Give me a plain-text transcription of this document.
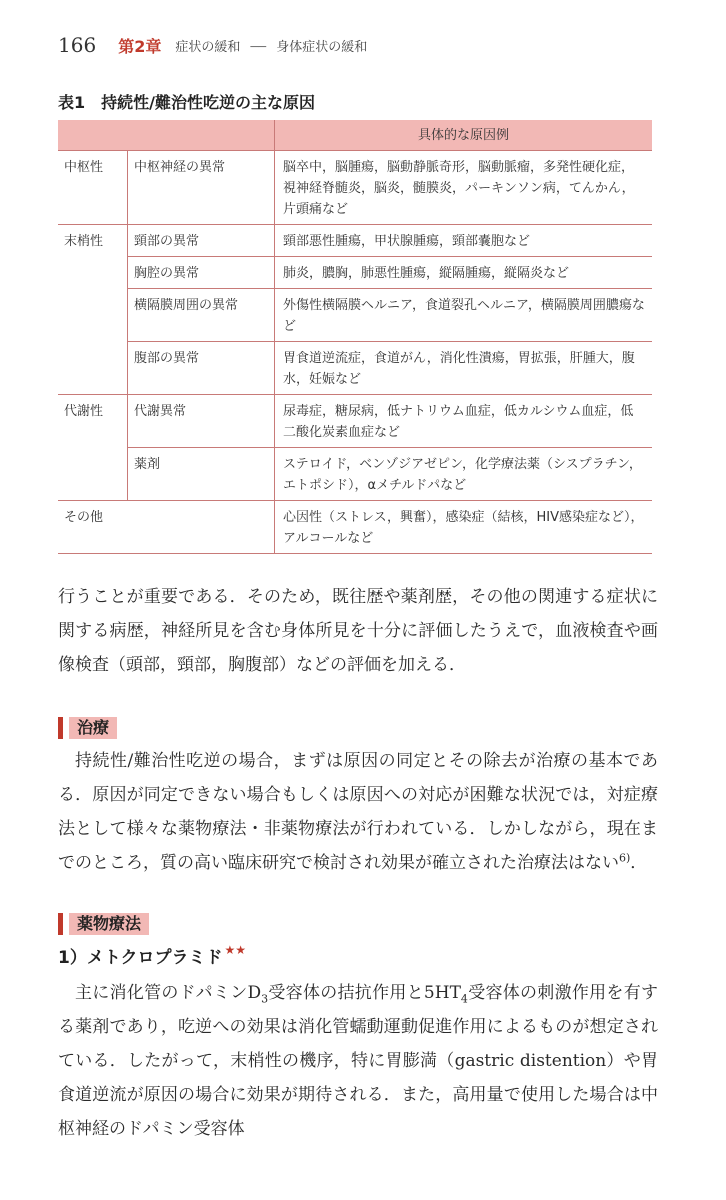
166 第2章 症状の緩和 ── 身体症状の緩和
表1　持続性/難治性吃逆の主な原因
		具体的な原因例
中枢性	中枢神経の異常	脳卒中，脳腫瘍，脳動静脈奇形，脳動脈瘤，多発性硬化症，視神経脊髄炎，脳炎，髄膜炎，パーキンソン病，てんかん，片頭痛など
末梢性	頸部の異常	頸部悪性腫瘍，甲状腺腫瘍，頸部嚢胞など
	胸腔の異常	肺炎，膿胸，肺悪性腫瘍，縦隔腫瘍，縦隔炎など
	横隔膜周囲の異常	外傷性横隔膜ヘルニア，食道裂孔ヘルニア，横隔膜周囲膿瘍など
	腹部の異常	胃食道逆流症，食道がん，消化性潰瘍，胃拡張，肝腫大，腹水，妊娠など
代謝性	代謝異常	尿毒症，糖尿病，低ナトリウム血症，低カルシウム血症，低二酸化炭素血症など
	薬剤	ステロイド，ベンゾジアゼピン，化学療法薬（シスプラチン，エトポシド），αメチルドパなど
その他		心因性（ストレス，興奮），感染症（結核，HIV感染症など），アルコールなど
行うことが重要である．そのため，既往歴や薬剤歴，その他の関連する症状に関する病歴，神経所見を含む身体所見を十分に評価したうえで，血液検査や画像検査（頭部，頸部，胸腹部）などの評価を加える．
治療
持続性/難治性吃逆の場合，まずは原因の同定とその除去が治療の基本である．原因が同定できない場合もしくは原因への対応が困難な状況では，対症療法として様々な薬物療法・非薬物療法が行われている．しかしながら，現在までのところ，質の高い臨床研究で検討され効果が確立された治療法はない$^{6)}$．
薬物療法
1）メトクロプラミド ★★
主に消化管のドパミン$D_3$受容体の拮抗作用と$5HT_4$受容体の刺激作用を有する薬剤であり，吃逆への効果は消化管蠕動運動促進作用によるものが想定されている．したがって，末梢性の機序，特に胃膨満（gastric distention）や胃食道逆流が原因の場合に効果が期待される．また，高用量で使用した場合は中枢神経のドパミン受容体
